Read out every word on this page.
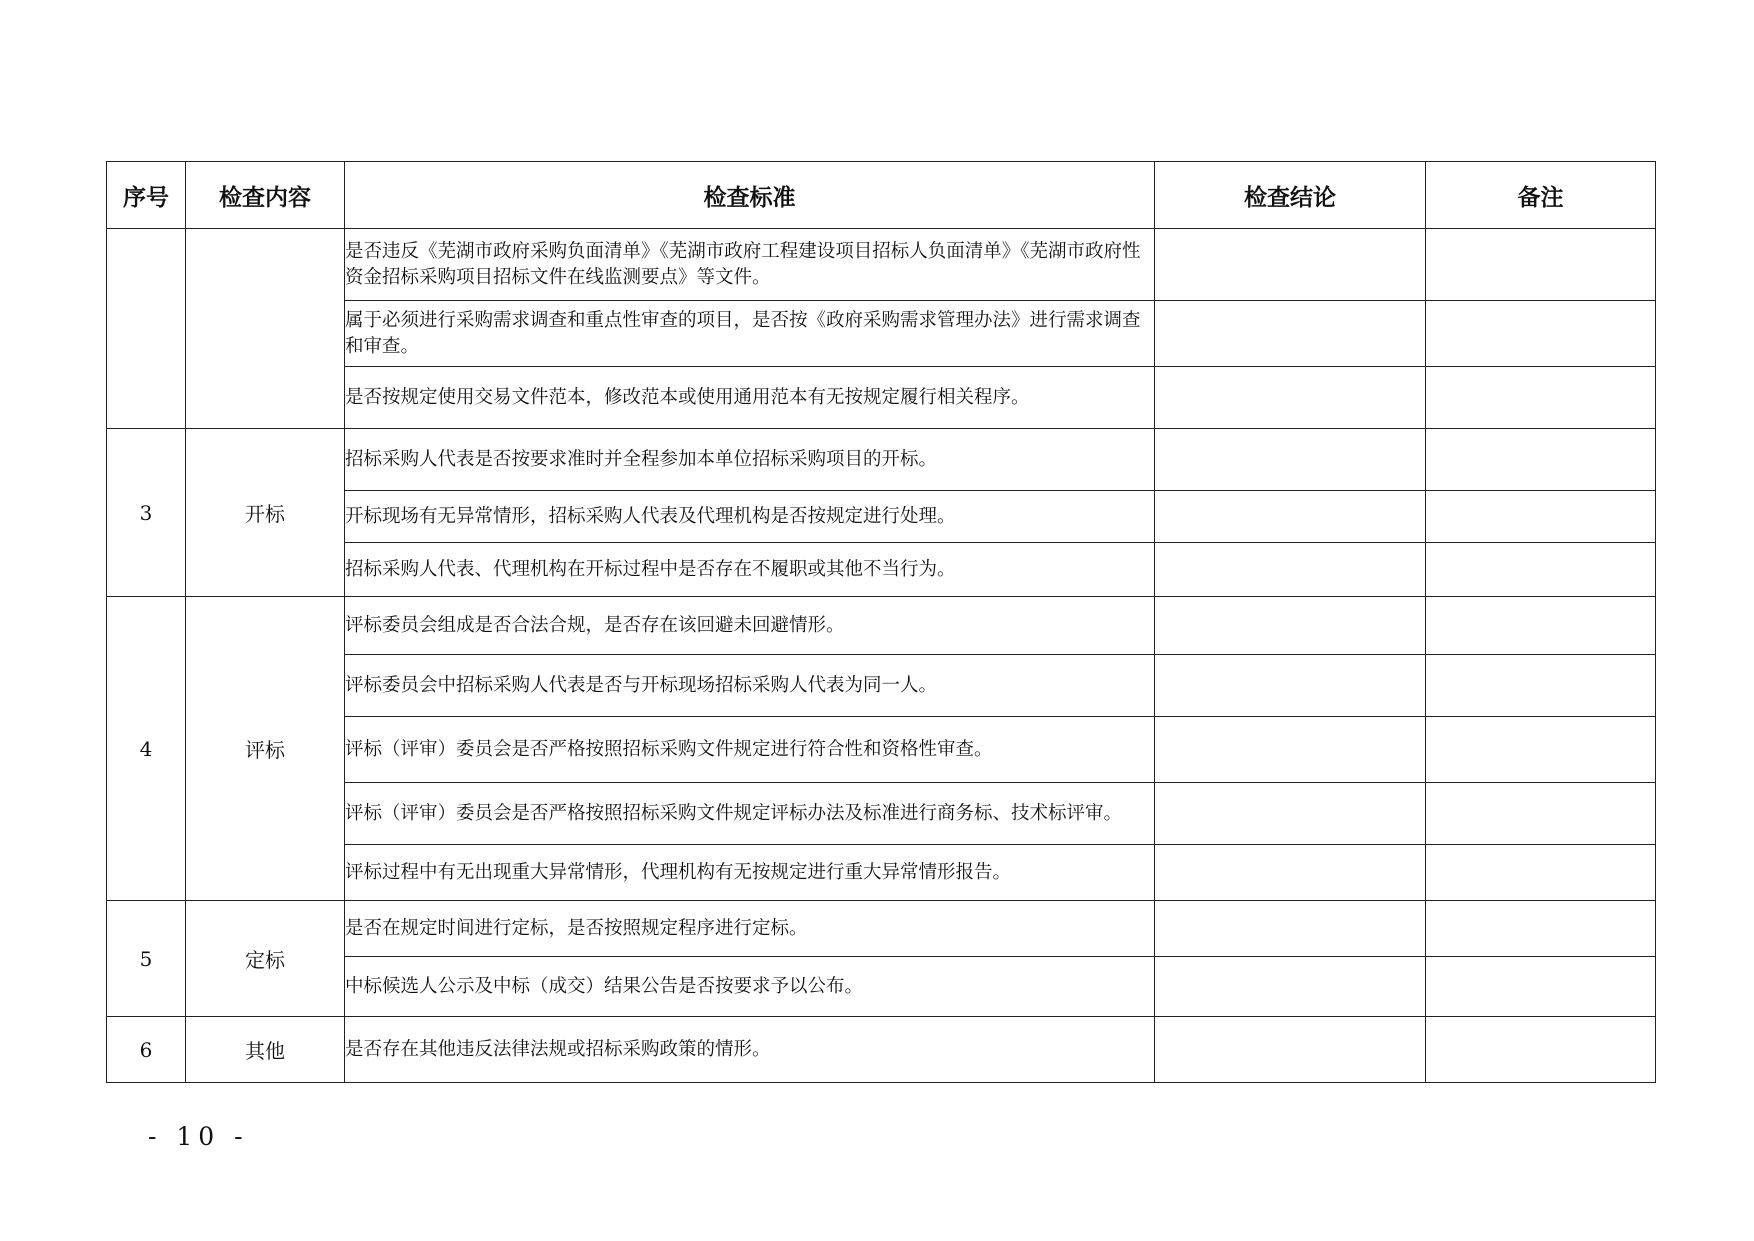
序号	检查内容	检查标准	检查结论	备注
		是否违反《芜湖市政府采购负面清单》《芜湖市政府工程建设项目招标人负面清单》《芜湖市政府性资金招标采购项目招标文件在线监测要点》等文件。		
		属于必须进行采购需求调查和重点性审查的项目，是否按《政府采购需求管理办法》进行需求调查和审查。		
		是否按规定使用交易文件范本，修改范本或使用通用范本有无按规定履行相关程序。		
3	开标	招标采购人代表是否按要求准时并全程参加本单位招标采购项目的开标。		
		开标现场有无异常情形，招标采购人代表及代理机构是否按规定进行处理。		
		招标采购人代表、代理机构在开标过程中是否存在不履职或其他不当行为。		
4	评标	评标委员会组成是否合法合规，是否存在该回避未回避情形。		
		评标委员会中招标采购人代表是否与开标现场招标采购人代表为同一人。		
		评标（评审）委员会是否严格按照招标采购文件规定进行符合性和资格性审查。		
		评标（评审）委员会是否严格按照招标采购文件规定评标办法及标准进行商务标、技术标评审。		
		评标过程中有无出现重大异常情形，代理机构有无按规定进行重大异常情形报告。		
5	定标	是否在规定时间进行定标，是否按照规定程序进行定标。		
		中标候选人公示及中标（成交）结果公告是否按要求予以公布。		
6	其他	是否存在其他违反法律法规或招标采购政策的情形。		
- 10 -
